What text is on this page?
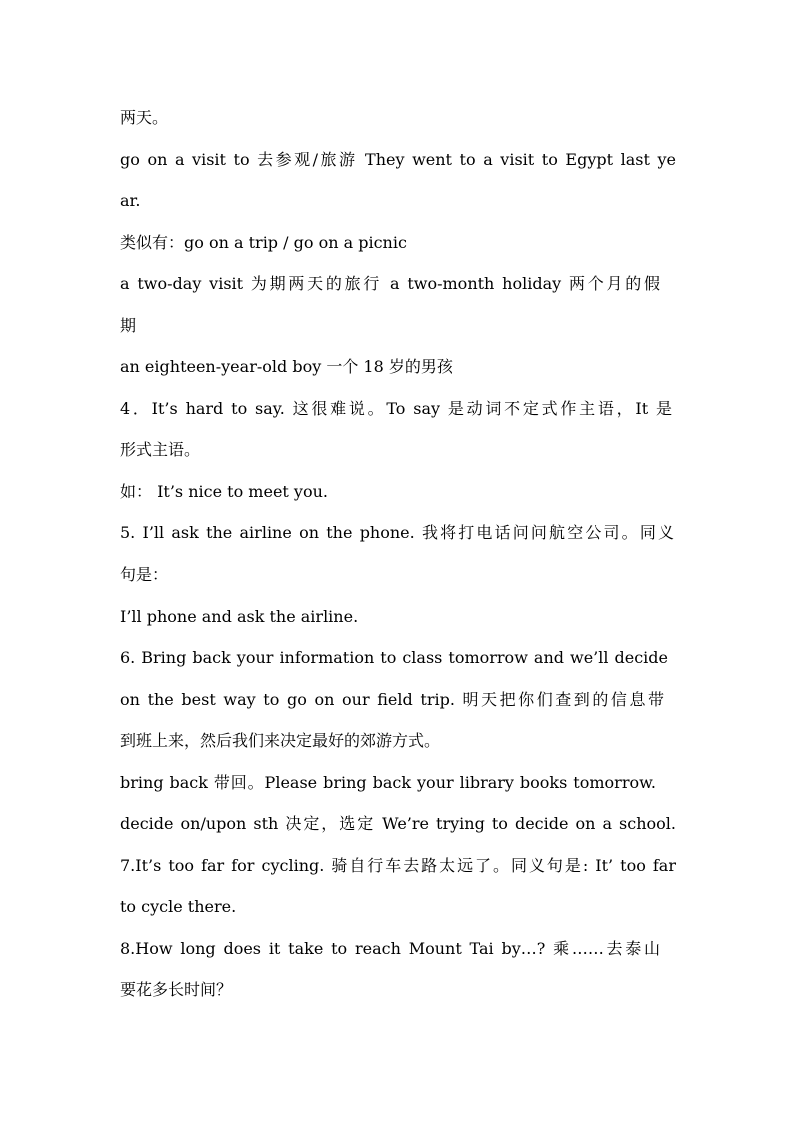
两天。

go on a visit to 去参观/旅游 They went to a visit to Egypt last ye

ar.

类似有：go on a trip / go on a picnic

a two-day visit 为期两天的旅行 a two-month holiday 两个月的假

期

an eighteen-year-old boy 一个 18 岁的男孩

4．It’s hard to say. 这很难说。To say 是动词不定式作主语，It 是

形式主语。

如： It’s nice to meet you.

5. I’ll ask the airline on the phone. 我将打电话问问航空公司。同义

句是：

I’ll phone and ask the airline.

6. Bring back your information to class tomorrow and we’ll decide

on the best way to go on our field trip. 明天把你们查到的信息带

到班上来，然后我们来决定最好的郊游方式。

bring back 带回。Please bring back your library books tomorrow.

decide on/upon sth 决定，选定 We’re trying to decide on a school.

7.It’s too far for cycling. 骑自行车去路太远了。同义句是: It’ too far

to cycle there.

8.How long does it take to reach Mount Tai by…? 乘……去泰山

要花多长时间？
